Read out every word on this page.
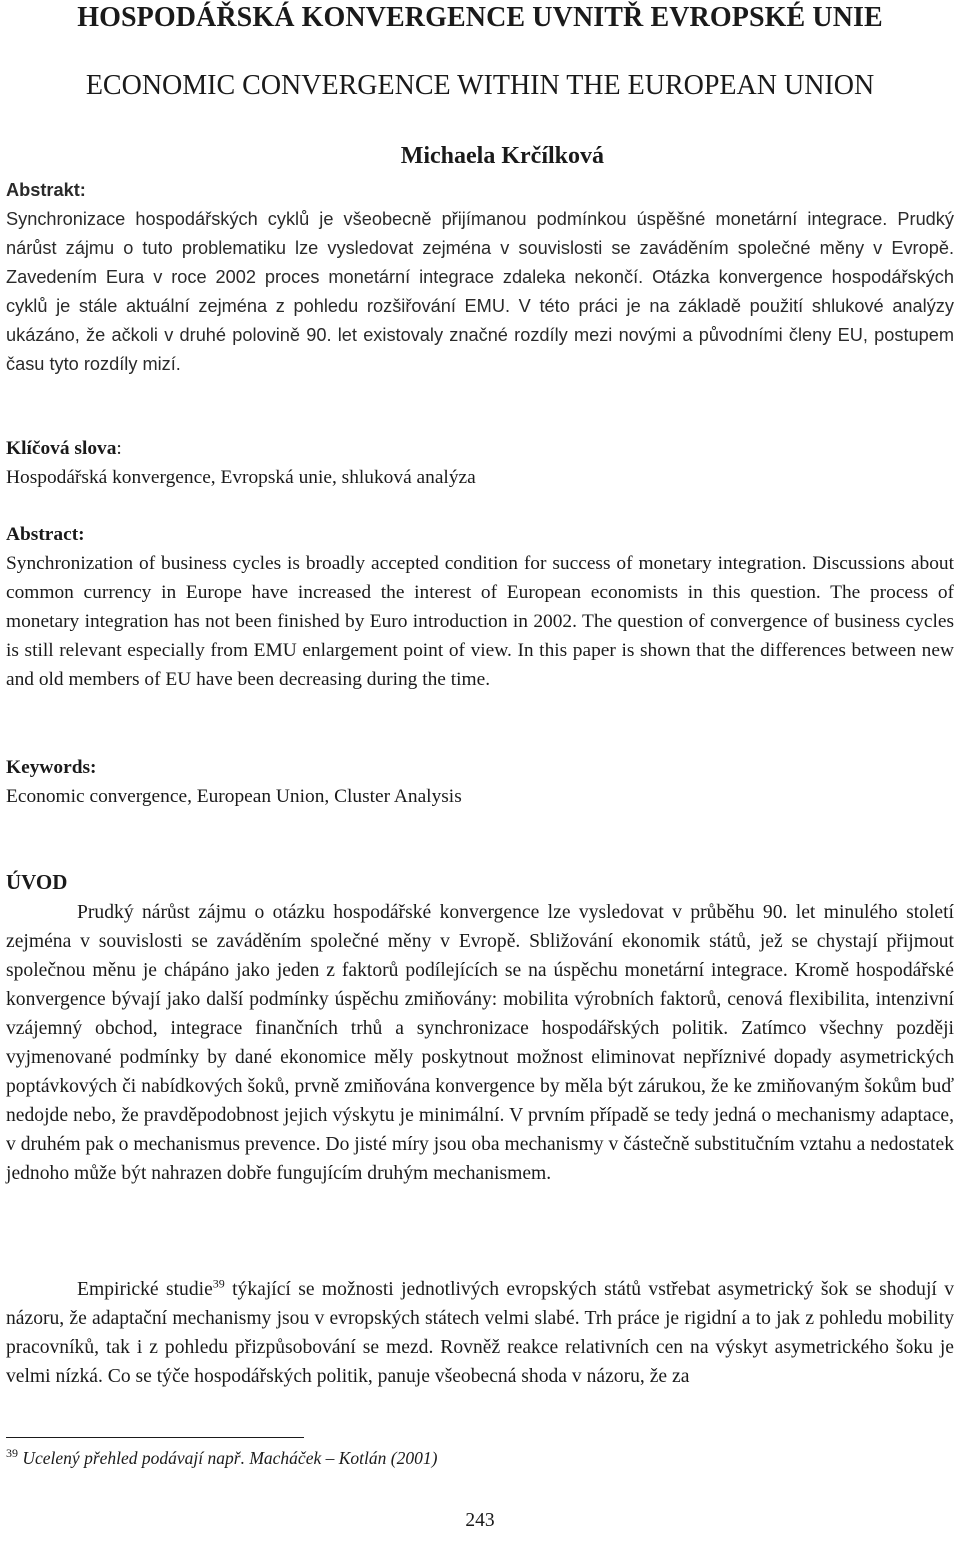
HOSPODÁŘSKÁ KONVERGENCE UVNITŘ EVROPSKÉ UNIE
ECONOMIC CONVERGENCE WITHIN THE EUROPEAN UNION
Michaela Krčílková
Abstrakt:
Synchronizace hospodářských cyklů je všeobecně přijímanou podmínkou úspěšné monetární integrace. Prudký nárůst zájmu o tuto problematiku lze vysledovat zejména v souvislosti se zaváděním společné měny v Evropě. Zavedením Eura v roce 2002 proces monetární integrace zdaleka nekončí. Otázka konvergence hospodářských cyklů je stále aktuální zejména z pohledu rozšiřování EMU. V této práci je na základě použití shlukové analýzy ukázáno, že ačkoli v druhé polovině 90. let existovaly značné rozdíly mezi novými a původními členy EU, postupem času tyto rozdíly mizí.
Klíčová slova:
Hospodářská konvergence, Evropská unie, shluková analýza
Abstract:
Synchronization of business cycles is broadly accepted condition for success of monetary integration. Discussions about common currency in Europe have increased the interest of European economists in this question. The process of monetary integration has not been finished by Euro introduction in 2002. The question of convergence of business cycles is still relevant especially from EMU enlargement point of view. In this paper is shown that the differences between new and old members of EU have been decreasing during the time.
Keywords:
Economic convergence, European Union, Cluster Analysis
ÚVOD
Prudký nárůst zájmu o otázku hospodářské konvergence lze vysledovat v průběhu 90. let minulého století zejména v souvislosti se zaváděním společné měny v Evropě. Sbližování ekonomik států, jež se chystají přijmout společnou měnu je chápáno jako jeden z faktorů podílejících se na úspěchu monetární integrace. Kromě hospodářské konvergence bývají jako další podmínky úspěchu zmiňovány: mobilita výrobních faktorů, cenová flexibilita, intenzivní vzájemný obchod, integrace finančních trhů a synchronizace hospodářských politik. Zatímco všechny později vyjmenované podmínky by dané ekonomice měly poskytnout možnost eliminovat nepříznivé dopady asymetrických poptávkových či nabídkových šoků, prvně zmiňována konvergence by měla být zárukou, že ke zmiňovaným šokům buď nedojde nebo, že pravděpodobnost jejich výskytu je minimální. V prvním případě se tedy jedná o mechanismy adaptace, v druhém pak o mechanismus prevence. Do jisté míry jsou oba mechanismy v částečně substitučním vztahu a nedostatek jednoho může být nahrazen dobře fungujícím druhým mechanismem.
Empirické studie$^{39}$ týkající se možnosti jednotlivých evropských států vstřebat asymetrický šok se shodují v názoru, že adaptační mechanismy jsou v evropských státech velmi slabé. Trh práce je rigidní a to jak z pohledu mobility pracovníků, tak i z pohledu přizpůsobování se mezd. Rovněž reakce relativních cen na výskyt asymetrického šoku je velmi nízká. Co se týče hospodářských politik, panuje všeobecná shoda v názoru, že za
$^{39}$ Ucelený přehled podávají např. Macháček – Kotlán (2001)
243
